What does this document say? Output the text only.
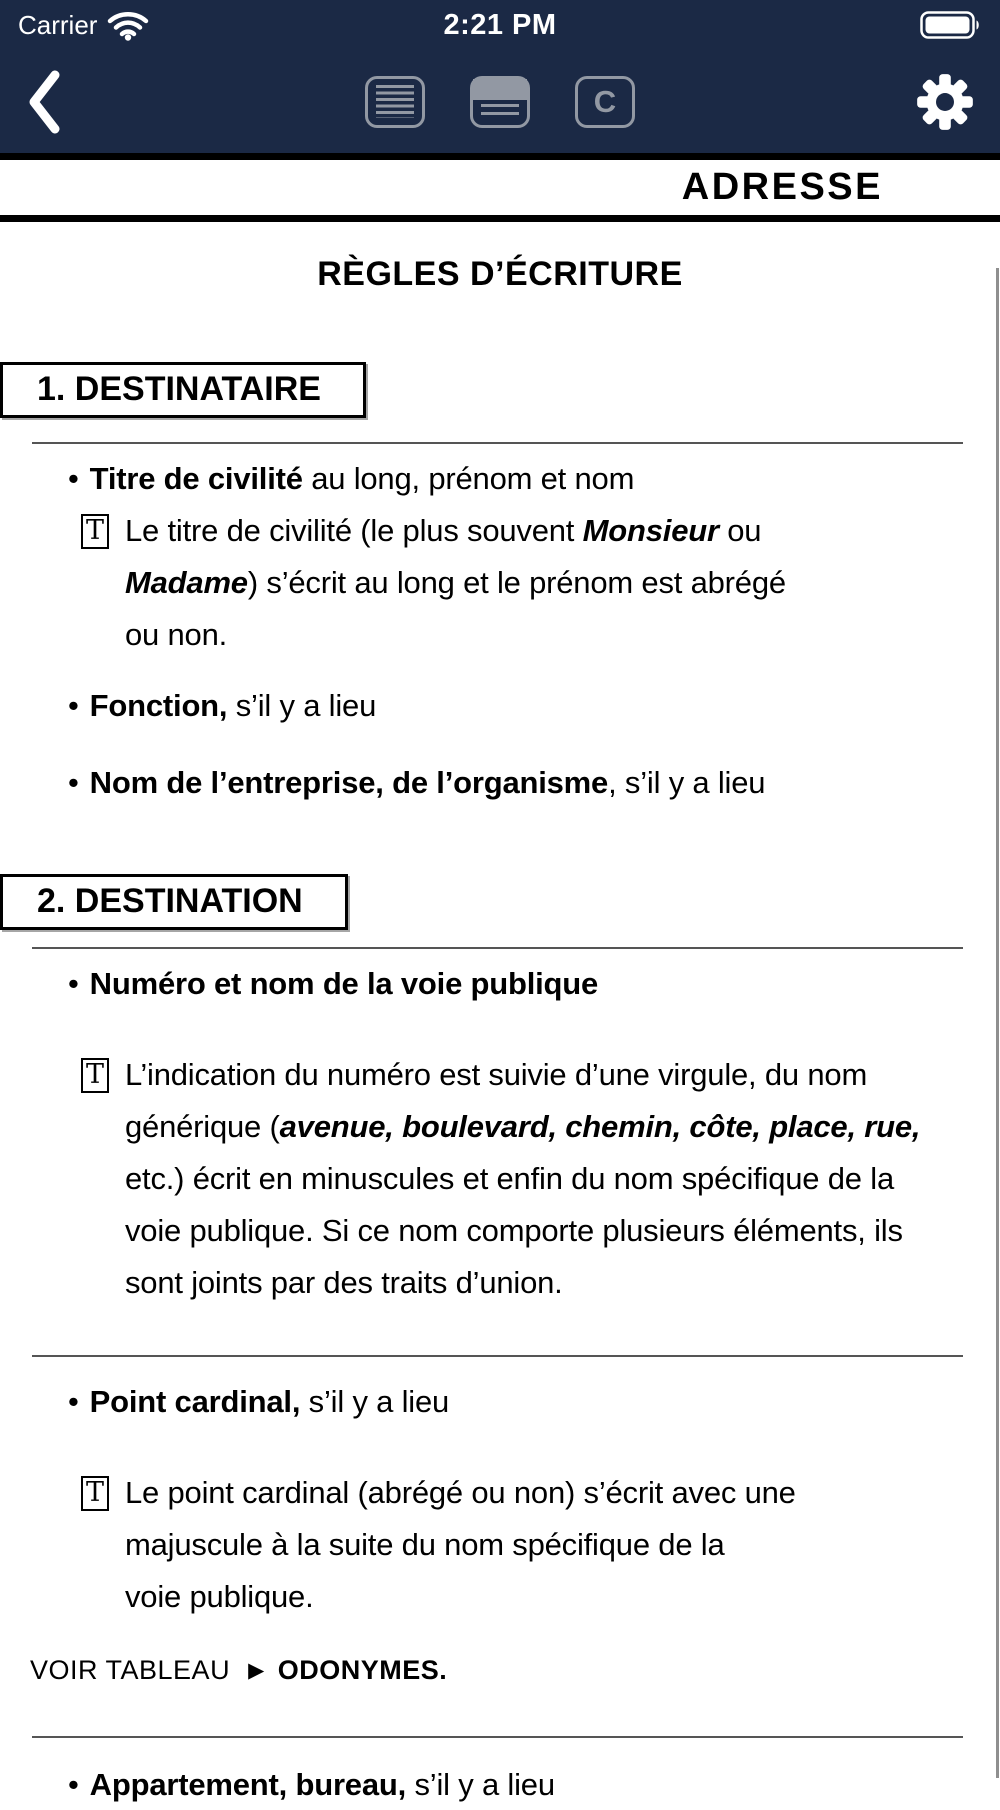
Carrier	2:21 PM
C
ADRESSE
RÈGLES D’ÉCRITURE
1. DESTINATAIRE
• Titre de civilité au long, prénom et nom
T Le titre de civilité (le plus souvent Monsieur ou
Madame) s’écrit au long et le prénom est abrégé
ou non.
• Fonction, s’il y a lieu
• Nom de l’entreprise, de l’organisme, s’il y a lieu
2. DESTINATION
• Numéro et nom de la voie publique
T L’indication du numéro est suivie d’une virgule, du nom
générique (avenue, boulevard, chemin, côte, place, rue,
etc.) écrit en minuscules et enfin du nom spécifique de la
voie publique. Si ce nom comporte plusieurs éléments, ils
sont joints par des traits d’union.
• Point cardinal, s’il y a lieu
T Le point cardinal (abrégé ou non) s’écrit avec une
majuscule à la suite du nom spécifique de la
voie publique.
VOIR TABLEAU ▶ ODONYMES.
• Appartement, bureau, s’il y a lieu
